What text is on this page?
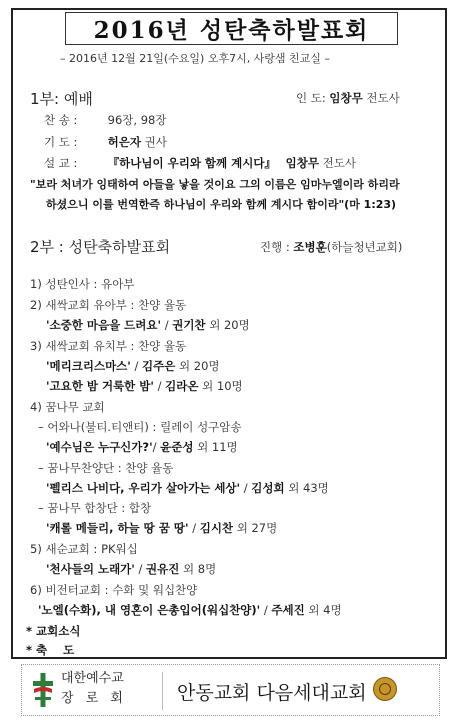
2016년 성탄축하발표회
– 2016년 12월 21일(수요일) 오후7시, 사랑샘 친교실 –
1부: 예배	인 도: 임창무 전도사
찬 송 :	96장, 98장
기 도 :	허은자 권사
설 교 :	『하나님이 우리와 함께 계시다』 임창무 전도사
"보라 처녀가 잉태하여 아들을 낳을 것이요 그의 이름은 임마누엘이라 하리라
하셨으니 이를 번역한즉 하나님이 우리와 함께 계시다 함이라"(마 1:23)
2부 : 성탄축하발표회	진행 : 조병훈(하늘청년교회)
1) 성탄인사 : 유아부
2) 새싹교회 유아부 : 찬양 율동
'소중한 마음을 드려요' / 권기찬 외 20명
3) 새싹교회 유치부 : 찬양 율동
'메리크리스마스' / 김주은 외 20명
'고요한 밤 거룩한 밤' / 김라온 외 10명
4) 꿈나무 교회
– 어와나(불티.티앤티) : 릴레이 성구암송
'예수님은 누구신가?'/ 윤준성 외 11명
– 꿈나무찬양단 : 찬양 율동
'펠리스 나비다, 우리가 살아가는 세상' / 김성희 외 43명
– 꿈나무 합창단 : 합창
'캐롤 메들리, 하늘 땅 꿈 땅' / 김시찬 외 27명
5) 새순교회 : PK워십
'천사들의 노래가' / 권유진 외 8명
6) 비전터교회 : 수화 및 워십찬양
'노엘(수화), 내 영혼이 은총입어(워십찬양)' / 주세진 외 4명
* 교회소식
* 축    도
대한예수교
장 로 회	안동교회 다음세대교회
